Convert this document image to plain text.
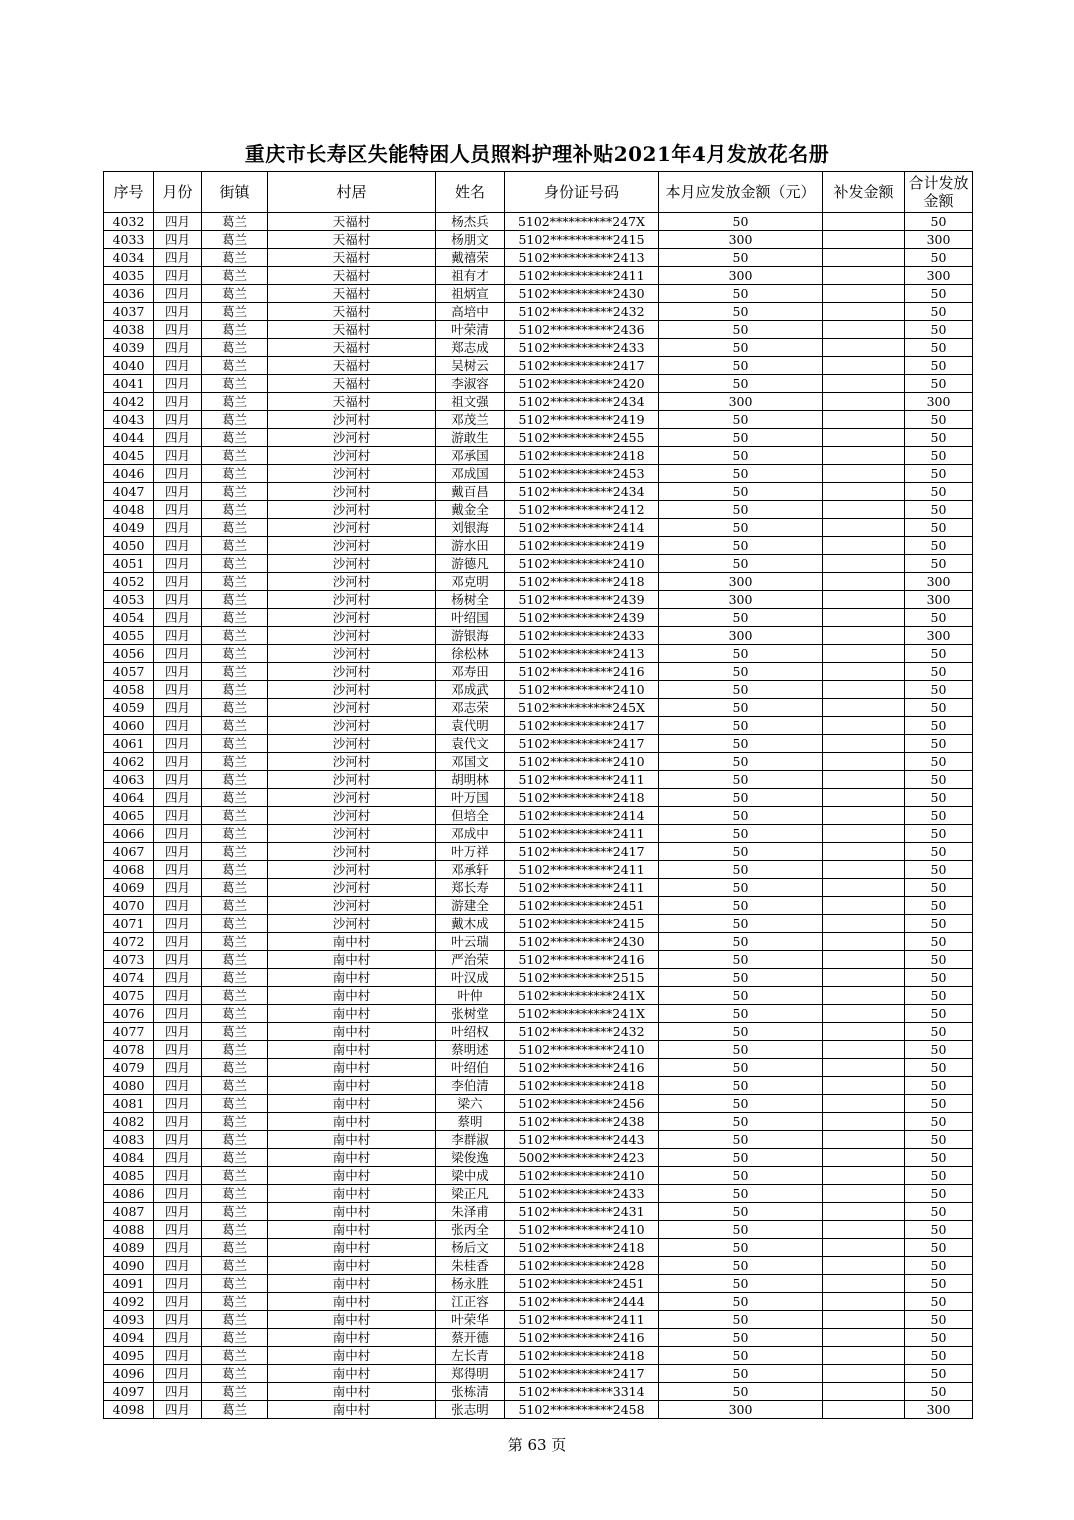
重庆市长寿区失能特困人员照料护理补贴2021年4月发放花名册
序号	月份	街镇	村居	姓名	身份证号码	本月应发放金额（元）	补发金额	合计发放金额
4032	四月	葛兰	天福村	杨杰兵	5102**********247X	50		50
4033	四月	葛兰	天福村	杨朋文	5102**********2415	300		300
4034	四月	葛兰	天福村	戴禧荣	5102**********2413	50		50
4035	四月	葛兰	天福村	祖有才	5102**********2411	300		300
4036	四月	葛兰	天福村	祖炳宣	5102**********2430	50		50
4037	四月	葛兰	天福村	高培中	5102**********2432	50		50
4038	四月	葛兰	天福村	叶荣清	5102**********2436	50		50
4039	四月	葛兰	天福村	郑志成	5102**********2433	50		50
4040	四月	葛兰	天福村	吴树云	5102**********2417	50		50
4041	四月	葛兰	天福村	李淑容	5102**********2420	50		50
4042	四月	葛兰	天福村	祖文强	5102**********2434	300		300
4043	四月	葛兰	沙河村	邓茂兰	5102**********2419	50		50
4044	四月	葛兰	沙河村	游敢生	5102**********2455	50		50
4045	四月	葛兰	沙河村	邓承国	5102**********2418	50		50
4046	四月	葛兰	沙河村	邓成国	5102**********2453	50		50
4047	四月	葛兰	沙河村	戴百昌	5102**********2434	50		50
4048	四月	葛兰	沙河村	戴金全	5102**********2412	50		50
4049	四月	葛兰	沙河村	刘银海	5102**********2414	50		50
4050	四月	葛兰	沙河村	游水田	5102**********2419	50		50
4051	四月	葛兰	沙河村	游德凡	5102**********2410	50		50
4052	四月	葛兰	沙河村	邓克明	5102**********2418	300		300
4053	四月	葛兰	沙河村	杨树全	5102**********2439	300		300
4054	四月	葛兰	沙河村	叶绍国	5102**********2439	50		50
4055	四月	葛兰	沙河村	游银海	5102**********2433	300		300
4056	四月	葛兰	沙河村	徐松林	5102**********2413	50		50
4057	四月	葛兰	沙河村	邓寿田	5102**********2416	50		50
4058	四月	葛兰	沙河村	邓成武	5102**********2410	50		50
4059	四月	葛兰	沙河村	邓志荣	5102**********245X	50		50
4060	四月	葛兰	沙河村	袁代明	5102**********2417	50		50
4061	四月	葛兰	沙河村	袁代文	5102**********2417	50		50
4062	四月	葛兰	沙河村	邓国文	5102**********2410	50		50
4063	四月	葛兰	沙河村	胡明林	5102**********2411	50		50
4064	四月	葛兰	沙河村	叶万国	5102**********2418	50		50
4065	四月	葛兰	沙河村	但培全	5102**********2414	50		50
4066	四月	葛兰	沙河村	邓成中	5102**********2411	50		50
4067	四月	葛兰	沙河村	叶万祥	5102**********2417	50		50
4068	四月	葛兰	沙河村	邓承轩	5102**********2411	50		50
4069	四月	葛兰	沙河村	郑长寿	5102**********2411	50		50
4070	四月	葛兰	沙河村	游建全	5102**********2451	50		50
4071	四月	葛兰	沙河村	戴木成	5102**********2415	50		50
4072	四月	葛兰	南中村	叶云瑞	5102**********2430	50		50
4073	四月	葛兰	南中村	严治荣	5102**********2416	50		50
4074	四月	葛兰	南中村	叶汉成	5102**********2515	50		50
4075	四月	葛兰	南中村	叶仲	5102**********241X	50		50
4076	四月	葛兰	南中村	张树堂	5102**********241X	50		50
4077	四月	葛兰	南中村	叶绍权	5102**********2432	50		50
4078	四月	葛兰	南中村	蔡明述	5102**********2410	50		50
4079	四月	葛兰	南中村	叶绍伯	5102**********2416	50		50
4080	四月	葛兰	南中村	李伯清	5102**********2418	50		50
4081	四月	葛兰	南中村	梁六	5102**********2456	50		50
4082	四月	葛兰	南中村	蔡明	5102**********2438	50		50
4083	四月	葛兰	南中村	李群淑	5102**********2443	50		50
4084	四月	葛兰	南中村	梁俊逸	5002**********2423	50		50
4085	四月	葛兰	南中村	梁中成	5102**********2410	50		50
4086	四月	葛兰	南中村	梁正凡	5102**********2433	50		50
4087	四月	葛兰	南中村	朱泽甫	5102**********2431	50		50
4088	四月	葛兰	南中村	张丙全	5102**********2410	50		50
4089	四月	葛兰	南中村	杨后文	5102**********2418	50		50
4090	四月	葛兰	南中村	朱桂香	5102**********2428	50		50
4091	四月	葛兰	南中村	杨永胜	5102**********2451	50		50
4092	四月	葛兰	南中村	江正容	5102**********2444	50		50
4093	四月	葛兰	南中村	叶荣华	5102**********2411	50		50
4094	四月	葛兰	南中村	蔡开德	5102**********2416	50		50
4095	四月	葛兰	南中村	左长青	5102**********2418	50		50
4096	四月	葛兰	南中村	郑得明	5102**********2417	50		50
4097	四月	葛兰	南中村	张栋清	5102**********3314	50		50
4098	四月	葛兰	南中村	张志明	5102**********2458	300		300
第 63 页
